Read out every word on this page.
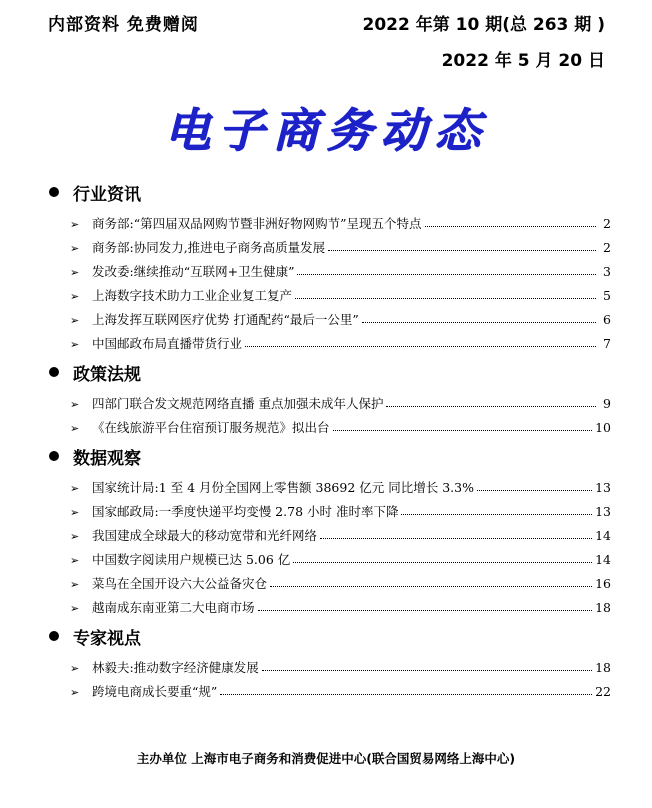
内部资料 免费赠阅	2022 年第 10 期(总 263 期 )
2022 年 5 月 20 日
电子商务动态
行业资讯
➢ 商务部:“第四届双品网购节暨非洲好物网购节”呈现五个特点	2
➢ 商务部:协同发力,推进电子商务高质量发展	2
➢ 发改委:继续推动“互联网+卫生健康”	3
➢ 上海数字技术助力工业企业复工复产	5
➢ 上海发挥互联网医疗优势 打通配药“最后一公里”	6
➢ 中国邮政布局直播带货行业	7
政策法规
➢ 四部门联合发文规范网络直播 重点加强未成年人保护	9
➢ 《在线旅游平台住宿预订服务规范》拟出台	10
数据观察
➢ 国家统计局:1 至 4 月份全国网上零售额 38692 亿元 同比增长 3.3%	13
➢ 国家邮政局:一季度快递平均变慢 2.78 小时 准时率下降	13
➢ 我国建成全球最大的移动宽带和光纤网络	14
➢ 中国数字阅读用户规模已达 5.06 亿	14
➢ 菜鸟在全国开设六大公益备灾仓	16
➢ 越南成东南亚第二大电商市场	18
专家视点
➢ 林毅夫:推动数字经济健康发展	18
➢ 跨境电商成长要重“规”	22
主办单位 上海市电子商务和消费促进中心(联合国贸易网络上海中心)
